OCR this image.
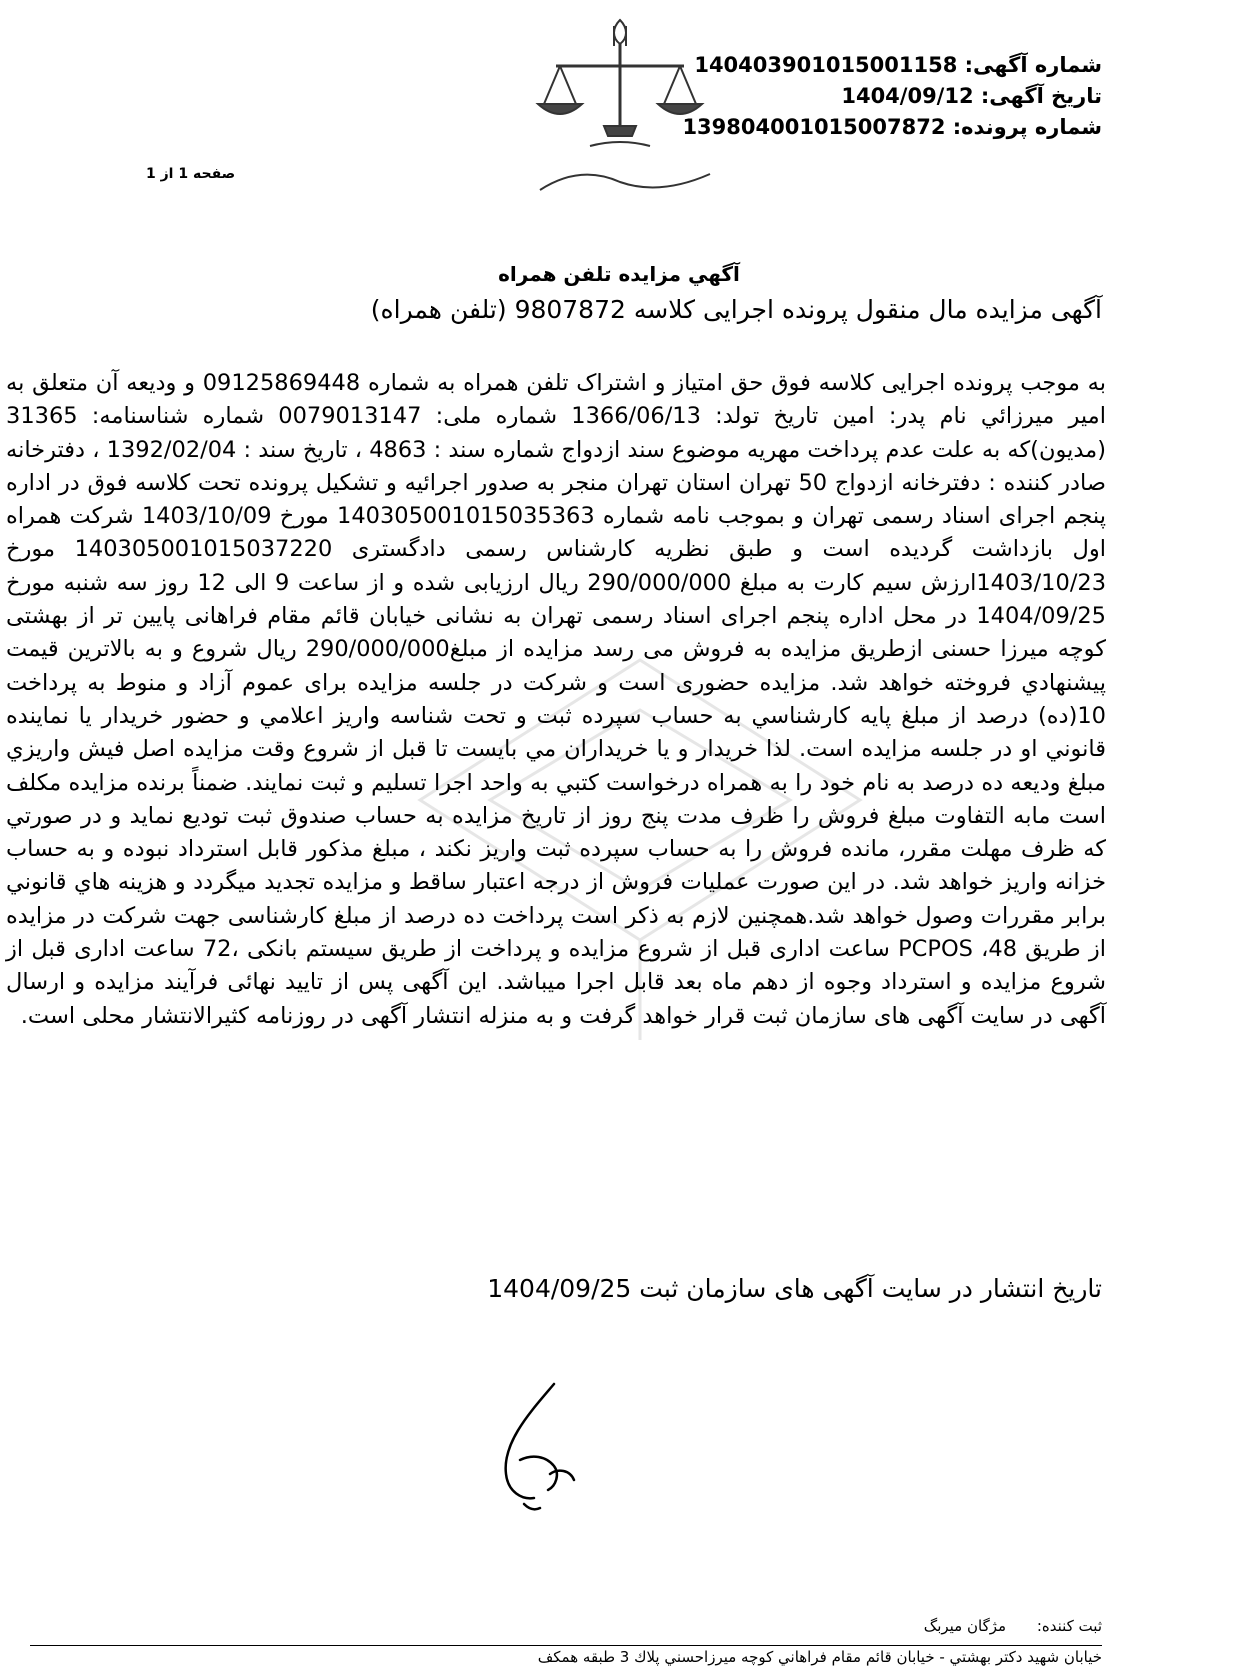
شماره آگهی: 140403901015001158
تاریخ آگهی: 1404/09/12
شماره پرونده: 139804001015007872
صفحه 1 از 1
آگهي مزايده تلفن همراه
آگهی مزایده مال منقول پرونده اجرایی کلاسه 9807872 (تلفن همراه)
به موجب پرونده اجرایی کلاسه فوق حق امتیاز و اشتراک تلفن همراه به شماره 09125869448 و ودیعه آن متعلق به امیر میرزائي نام پدر: امین تاریخ تولد: 1366/06/13 شماره ملی: 0079013147 شماره شناسنامه: 31365 (مدیون)که به علت عدم پرداخت مهریه موضوع سند ازدواج شماره سند : 4863 ، تاریخ سند : 1392/02/04 ، دفترخانه صادر کننده : دفترخانه ازدواج 50 تهران استان تهران منجر به صدور اجرائیه و تشکیل پرونده تحت کلاسه فوق در اداره پنجم اجرای اسناد رسمی تهران و بموجب نامه شماره 140305001015035363 مورخ 1403/10/09 شرکت همراه اول بازداشت گردیده است و طبق نظریه کارشناس رسمی دادگستری 140305001015037220 مورخ 1403/10/23ارزش سیم کارت به مبلغ 290/000/000 ریال ارزیابی شده و از ساعت 9 الی 12 روز سه شنبه مورخ 1404/09/25 در محل اداره پنجم اجرای اسناد رسمی تهران به نشانی خیابان قائم مقام فراهانی پایین تر از بهشتی کوچه میرزا حسنی ازطریق مزایده به فروش می رسد مزایده از مبلغ290/000/000 ریال شروع و به بالاترین قیمت پیشنهادي فروخته خواهد شد. مزایده حضوری است و شرکت در جلسه مزایده برای عموم آزاد و منوط به پرداخت 10(ده) درصد از مبلغ پایه کارشناسي به حساب سپرده ثبت و تحت شناسه واریز اعلامي و حضور خريدار يا نماينده قانوني او در جلسه مزايده است. لذا خريدار و يا خريداران مي بايست تا قبل از شروع وقت مزايده اصل فيش واريزي مبلغ وديعه ده درصد به نام خود را به همراه درخواست كتبي به واحد اجرا تسليم و ثبت نمايند. ضمناً برنده مزايده مكلف است مابه التفاوت مبلغ فروش را ظرف مدت پنج روز از تاريخ مزايده به حساب صندوق ثبت توديع نمايد و در صورتي كه ظرف مهلت مقرر، مانده فروش را به حساب سپرده ثبت واريز نكند ، مبلغ مذكور قابل استرداد نبوده و به حساب خزانه واريز خواهد شد. در اين صورت عمليات فروش از درجه اعتبار ساقط و مزايده تجديد ميگردد و هزينه هاي قانوني برابر مقررات وصول خواهد شد.همچنین لازم به ذکر است پرداخت ده درصد از مبلغ کارشناسی جهت شرکت در مزایده از طریق PCPOS ،48 ساعت اداری قبل از شروع مزایده و پرداخت از طریق سیستم بانکی ،72 ساعت اداری قبل از شروع مزایده و استرداد وجوه از دهم ماه بعد قابل اجرا میباشد. این آگهی پس از تایید نهائی فرآیند مزایده و ارسال آگهی در سایت آگهی های سازمان ثبت قرار خواهد گرفت و به منزله انتشار آگهی در روزنامه کثیرالانتشار محلی است.
تاریخ انتشار در سایت آگهی های سازمان ثبت 1404/09/25
ثبت كننده: مژگان میربگ
خيابان شهيد دكتر بهشتي - خيابان قائم مقام فراهاني كوچه ميرزاحسني پلاك 3 طبقه همكف
